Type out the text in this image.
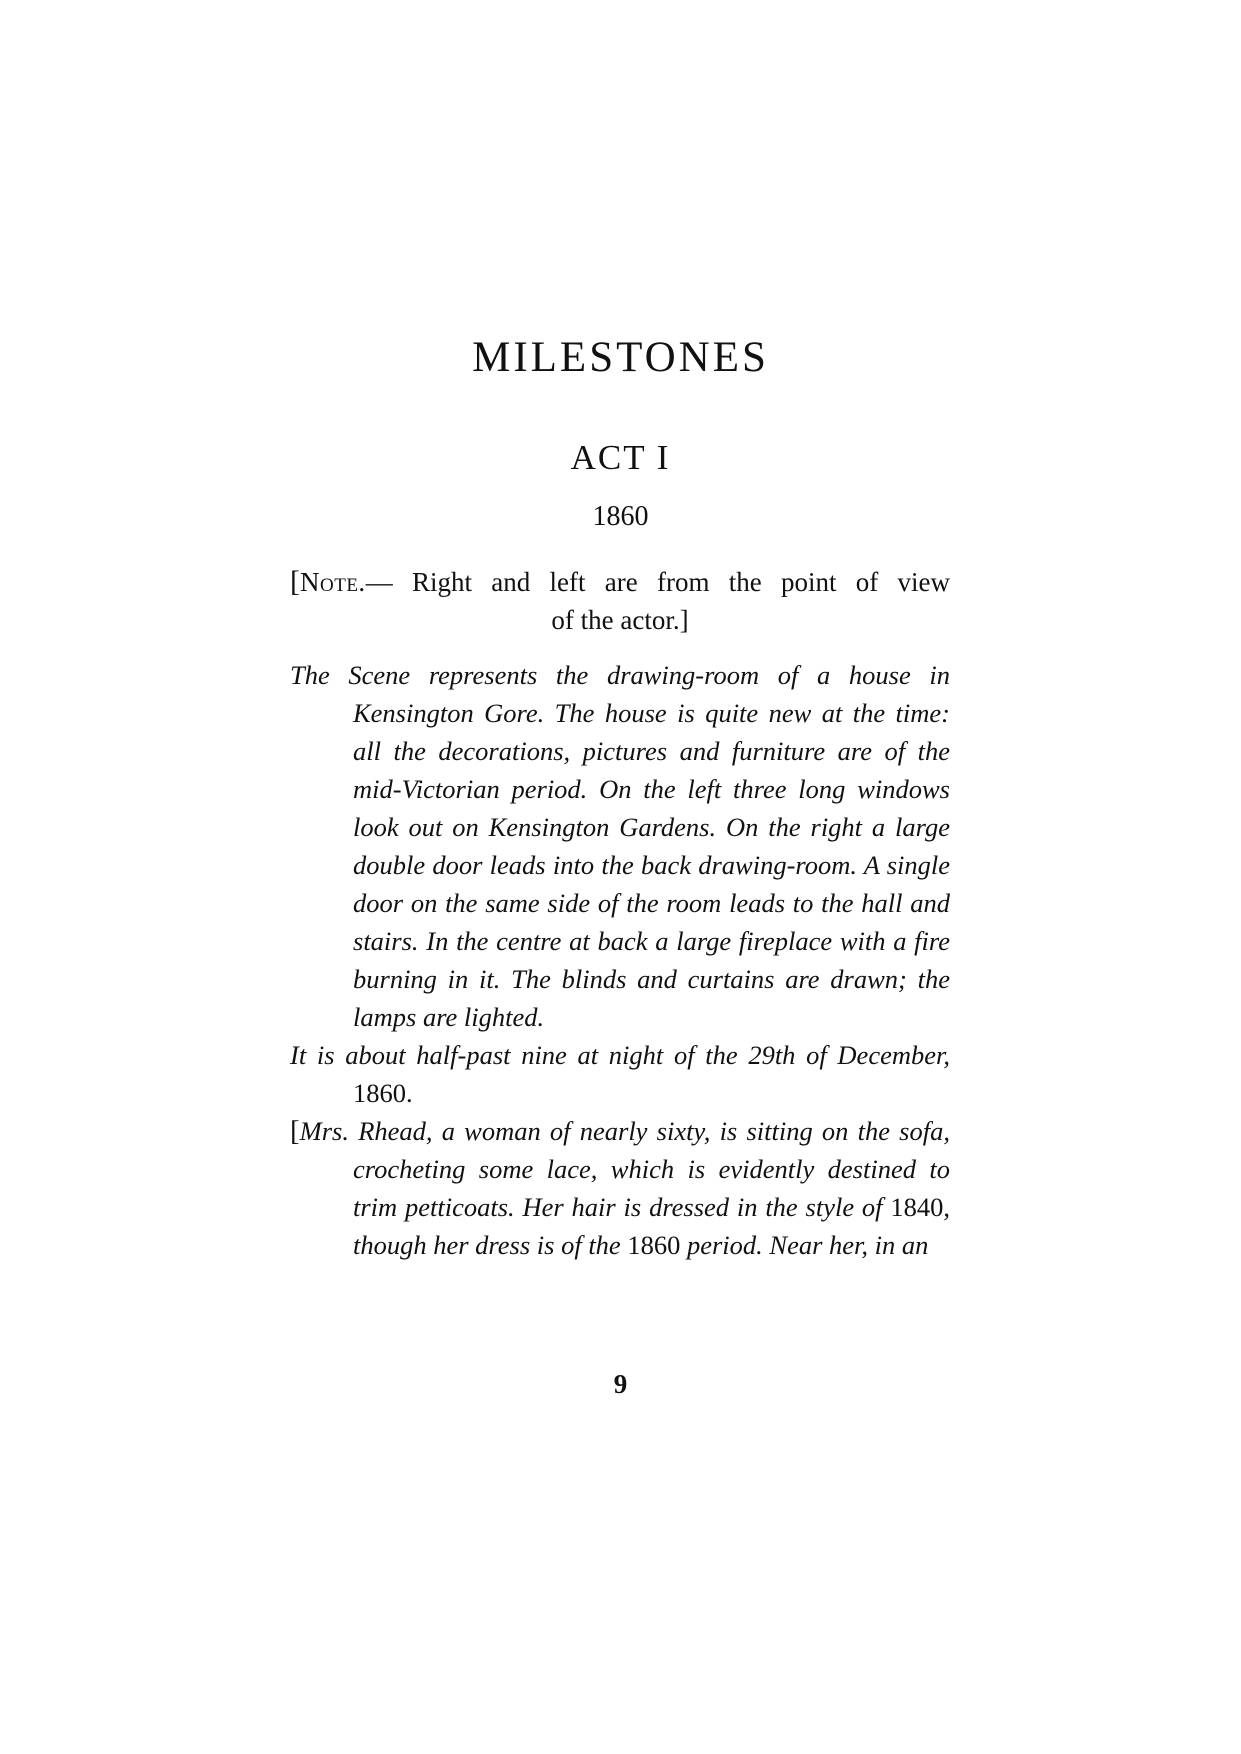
MILESTONES
ACT I
1860
[Note.— Right and left are from the point of view
of the actor.]

The Scene represents the drawing-room of a house in Kensington Gore. The house is quite new at the time: all the decorations, pictures and furniture are of the mid-Victorian period. On the left three long windows look out on Kensington Gardens. On the right a large double door leads into the back drawing-room. A single door on the same side of the room leads to the hall and stairs. In the centre at back a large fireplace with a fire burning in it. The blinds and curtains are drawn; the lamps are lighted.

It is about half-past nine at night of the 29th of December, 1860.

[Mrs. Rhead, a woman of nearly sixty, is sitting on the sofa, crocheting some lace, which is evidently destined to trim petticoats. Her hair is dressed in the style of 1840, though her dress is of the 1860 period. Near her, in an

9
